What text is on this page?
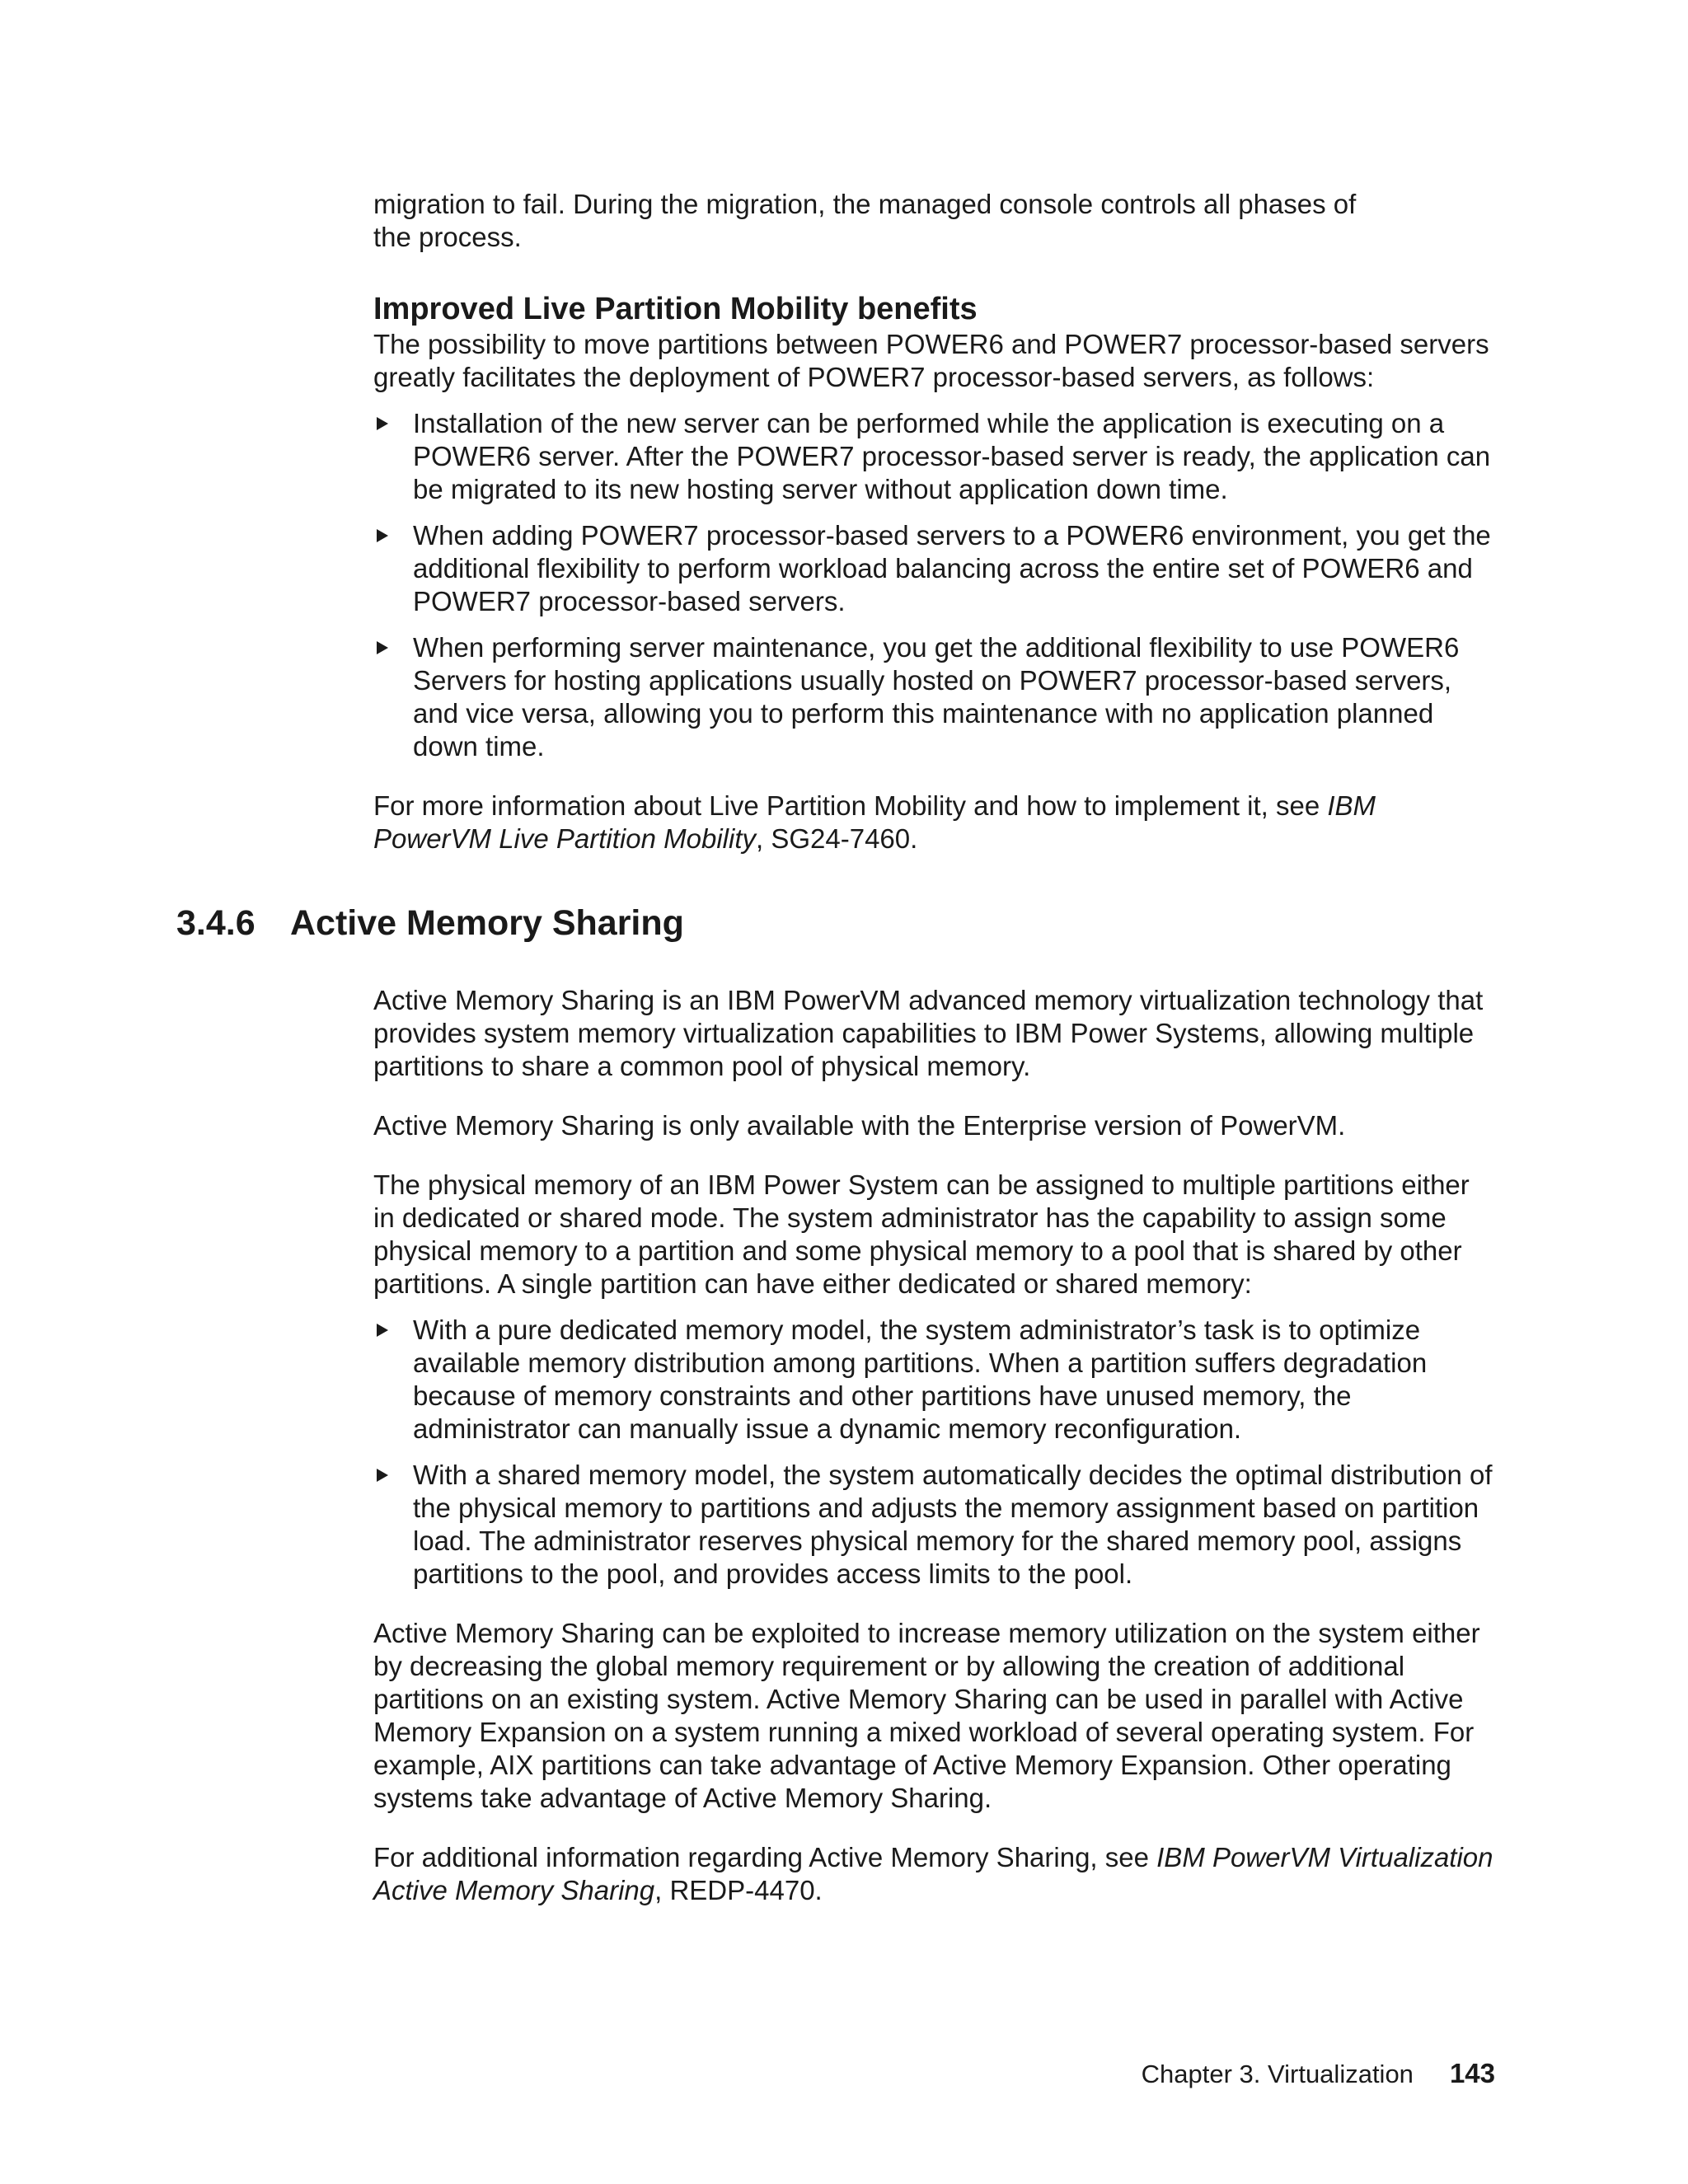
migration to fail. During the migration, the managed console controls all phases of the process.

Improved Live Partition Mobility benefits

The possibility to move partitions between POWER6 and POWER7 processor-based servers greatly facilitates the deployment of POWER7 processor-based servers, as follows:

Installation of the new server can be performed while the application is executing on a POWER6 server. After the POWER7 processor-based server is ready, the application can be migrated to its new hosting server without application down time.
When adding POWER7 processor-based servers to a POWER6 environment, you get the additional flexibility to perform workload balancing across the entire set of POWER6 and POWER7 processor-based servers.
When performing server maintenance, you get the additional flexibility to use POWER6 Servers for hosting applications usually hosted on POWER7 processor-based servers, and vice versa, allowing you to perform this maintenance with no application planned down time.

For more information about Live Partition Mobility and how to implement it, see IBM PowerVM Live Partition Mobility, SG24-7460.

3.4.6 Active Memory Sharing

Active Memory Sharing is an IBM PowerVM advanced memory virtualization technology that provides system memory virtualization capabilities to IBM Power Systems, allowing multiple partitions to share a common pool of physical memory.

Active Memory Sharing is only available with the Enterprise version of PowerVM.

The physical memory of an IBM Power System can be assigned to multiple partitions either in dedicated or shared mode. The system administrator has the capability to assign some physical memory to a partition and some physical memory to a pool that is shared by other partitions. A single partition can have either dedicated or shared memory:

With a pure dedicated memory model, the system administrator’s task is to optimize available memory distribution among partitions. When a partition suffers degradation because of memory constraints and other partitions have unused memory, the administrator can manually issue a dynamic memory reconfiguration.
With a shared memory model, the system automatically decides the optimal distribution of the physical memory to partitions and adjusts the memory assignment based on partition load. The administrator reserves physical memory for the shared memory pool, assigns partitions to the pool, and provides access limits to the pool.

Active Memory Sharing can be exploited to increase memory utilization on the system either by decreasing the global memory requirement or by allowing the creation of additional partitions on an existing system. Active Memory Sharing can be used in parallel with Active Memory Expansion on a system running a mixed workload of several operating system. For example, AIX partitions can take advantage of Active Memory Expansion. Other operating systems take advantage of Active Memory Sharing.

For additional information regarding Active Memory Sharing, see IBM PowerVM Virtualization Active Memory Sharing, REDP-4470.

Chapter 3. Virtualization 143
